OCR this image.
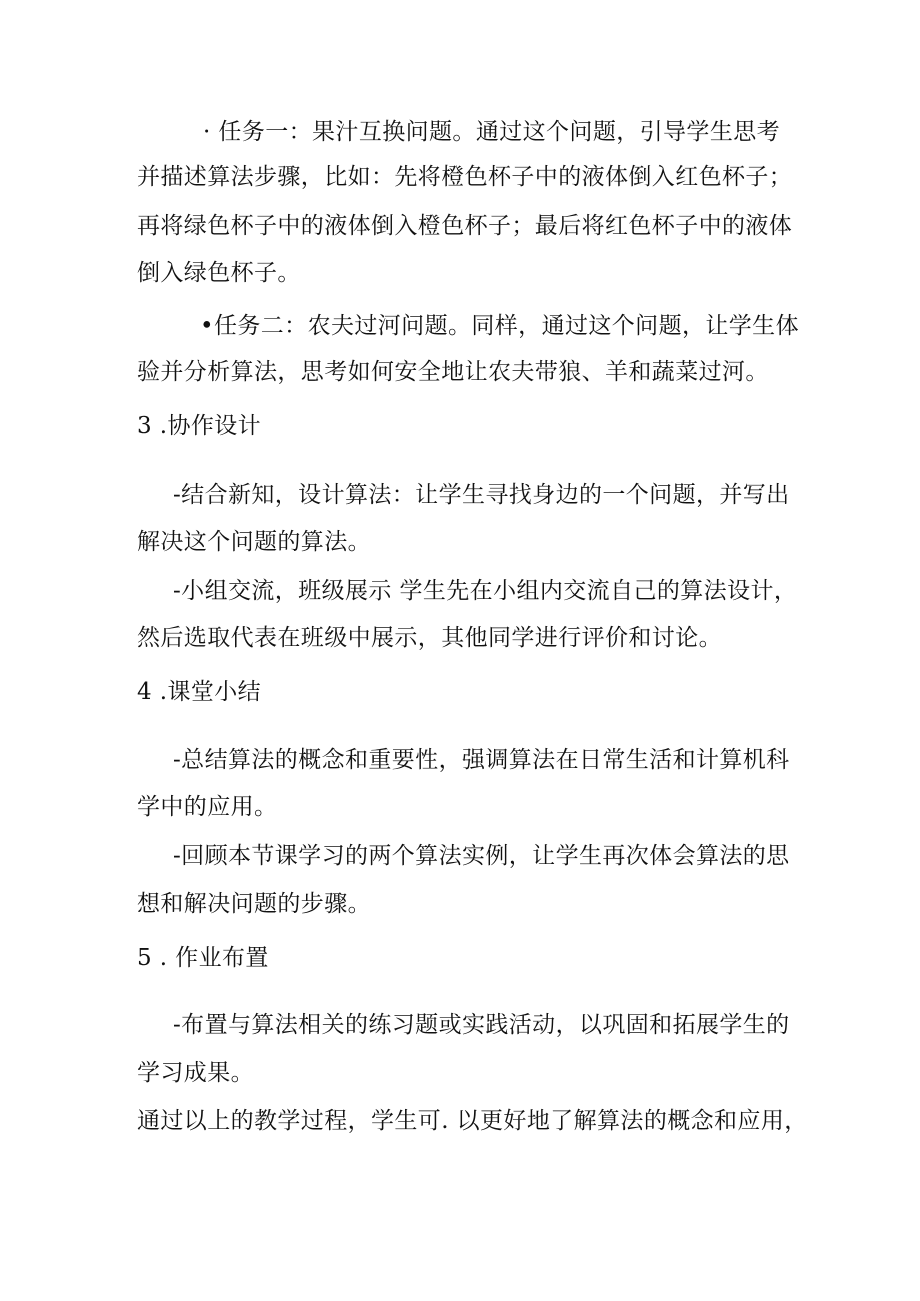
· 任务一：果汁互换问题。通过这个问题，引导学生思考
并描述算法步骤，比如：先将橙色杯子中的液体倒入红色杯子；
再将绿色杯子中的液体倒入橙色杯子；最后将红色杯子中的液体
倒入绿色杯子。
•任务二：农夫过河问题。同样，通过这个问题，让学生体
验并分析算法，思考如何安全地让农夫带狼、羊和蔬菜过河。
3 .协作设计
-结合新知，设计算法：让学生寻找身边的一个问题，并写出
解决这个问题的算法。
-小组交流，班级展示 学生先在小组内交流自己的算法设计，
然后选取代表在班级中展示，其他同学进行评价和讨论。
4 .课堂小结
-总结算法的概念和重要性，强调算法在日常生活和计算机科
学中的应用。
-回顾本节课学习的两个算法实例，让学生再次体会算法的思
想和解决问题的步骤。
5 . 作业布置
-布置与算法相关的练习题或实践活动，以巩固和拓展学生的
学习成果。
通过以上的教学过程，学生可. 以更好地了解算法的概念和应用，
